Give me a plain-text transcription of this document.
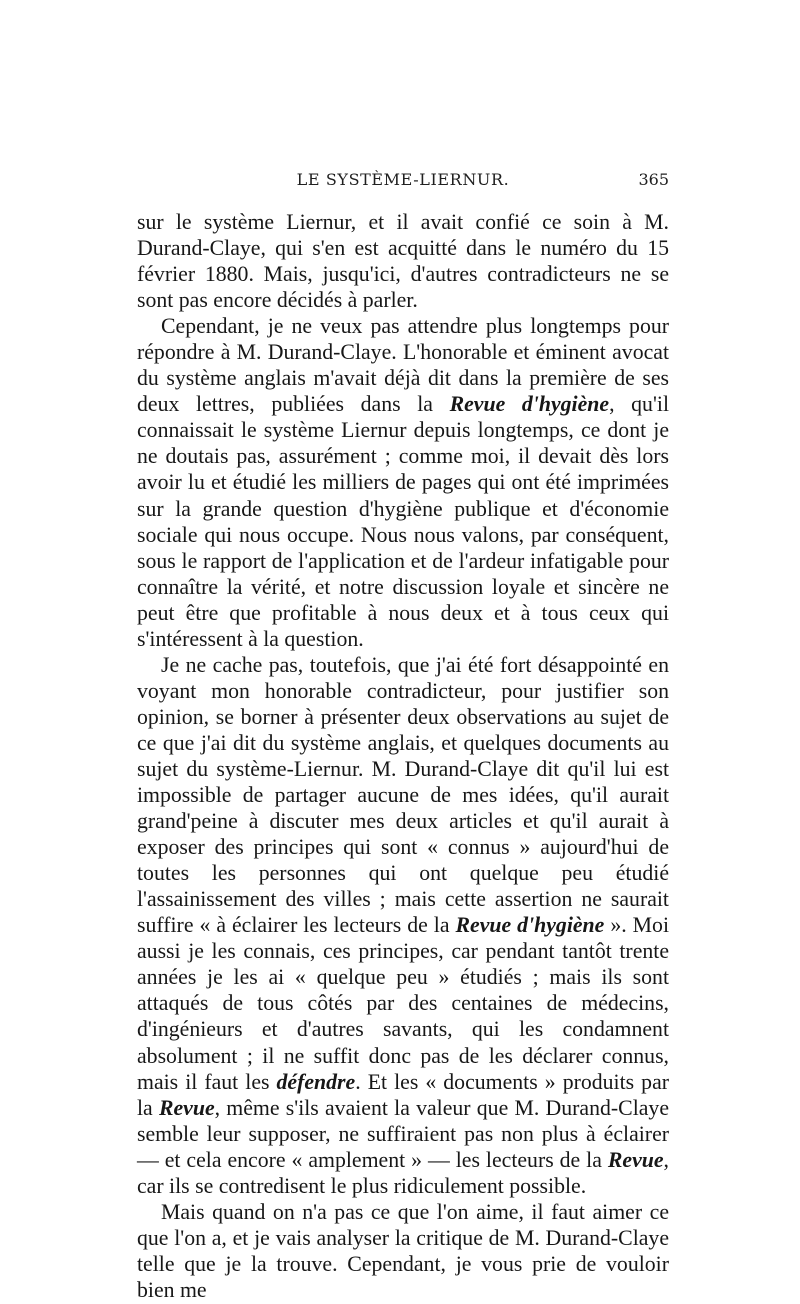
LE SYSTÈME-LIERNUR.	365

sur le système Liernur, et il avait confié ce soin à M. Durand-Claye, qui s'en est acquitté dans le numéro du 15 février 1880. Mais, jusqu'ici, d'autres contradicteurs ne se sont pas encore décidés à parler.

Cependant, je ne veux pas attendre plus longtemps pour répondre à M. Durand-Claye. L'honorable et éminent avocat du système anglais m'avait déjà dit dans la première de ses deux lettres, publiées dans la Revue d'hygiène, qu'il connaissait le système Liernur depuis longtemps, ce dont je ne doutais pas, assurément ; comme moi, il devait dès lors avoir lu et étudié les milliers de pages qui ont été imprimées sur la grande question d'hygiène publique et d'économie sociale qui nous occupe. Nous nous valons, par conséquent, sous le rapport de l'application et de l'ardeur infatigable pour connaître la vérité, et notre discussion loyale et sincère ne peut être que profitable à nous deux et à tous ceux qui s'intéressent à la question.

Je ne cache pas, toutefois, que j'ai été fort désappointé en voyant mon honorable contradicteur, pour justifier son opinion, se borner à présenter deux observations au sujet de ce que j'ai dit du système anglais, et quelques documents au sujet du système-Liernur. M. Durand-Claye dit qu'il lui est impossible de partager aucune de mes idées, qu'il aurait grand'peine à discuter mes deux articles et qu'il aurait à exposer des principes qui sont « connus » aujourd'hui de toutes les personnes qui ont quelque peu étudié l'assainissement des villes ; mais cette assertion ne saurait suffire « à éclairer les lecteurs de la Revue d'hygiène ». Moi aussi je les connais, ces principes, car pendant tantôt trente années je les ai « quelque peu » étudiés ; mais ils sont attaqués de tous côtés par des centaines de médecins, d'ingénieurs et d'autres savants, qui les condamnent absolument ; il ne suffit donc pas de les déclarer connus, mais il faut les défendre. Et les « documents » produits par la Revue, même s'ils avaient la valeur que M. Durand-Claye semble leur supposer, ne suffiraient pas non plus à éclairer — et cela encore « amplement » — les lecteurs de la Revue, car ils se contredisent le plus ridiculement possible.

Mais quand on n'a pas ce que l'on aime, il faut aimer ce que l'on a, et je vais analyser la critique de M. Durand-Claye telle que je la trouve. Cependant, je vous prie de vouloir bien me
